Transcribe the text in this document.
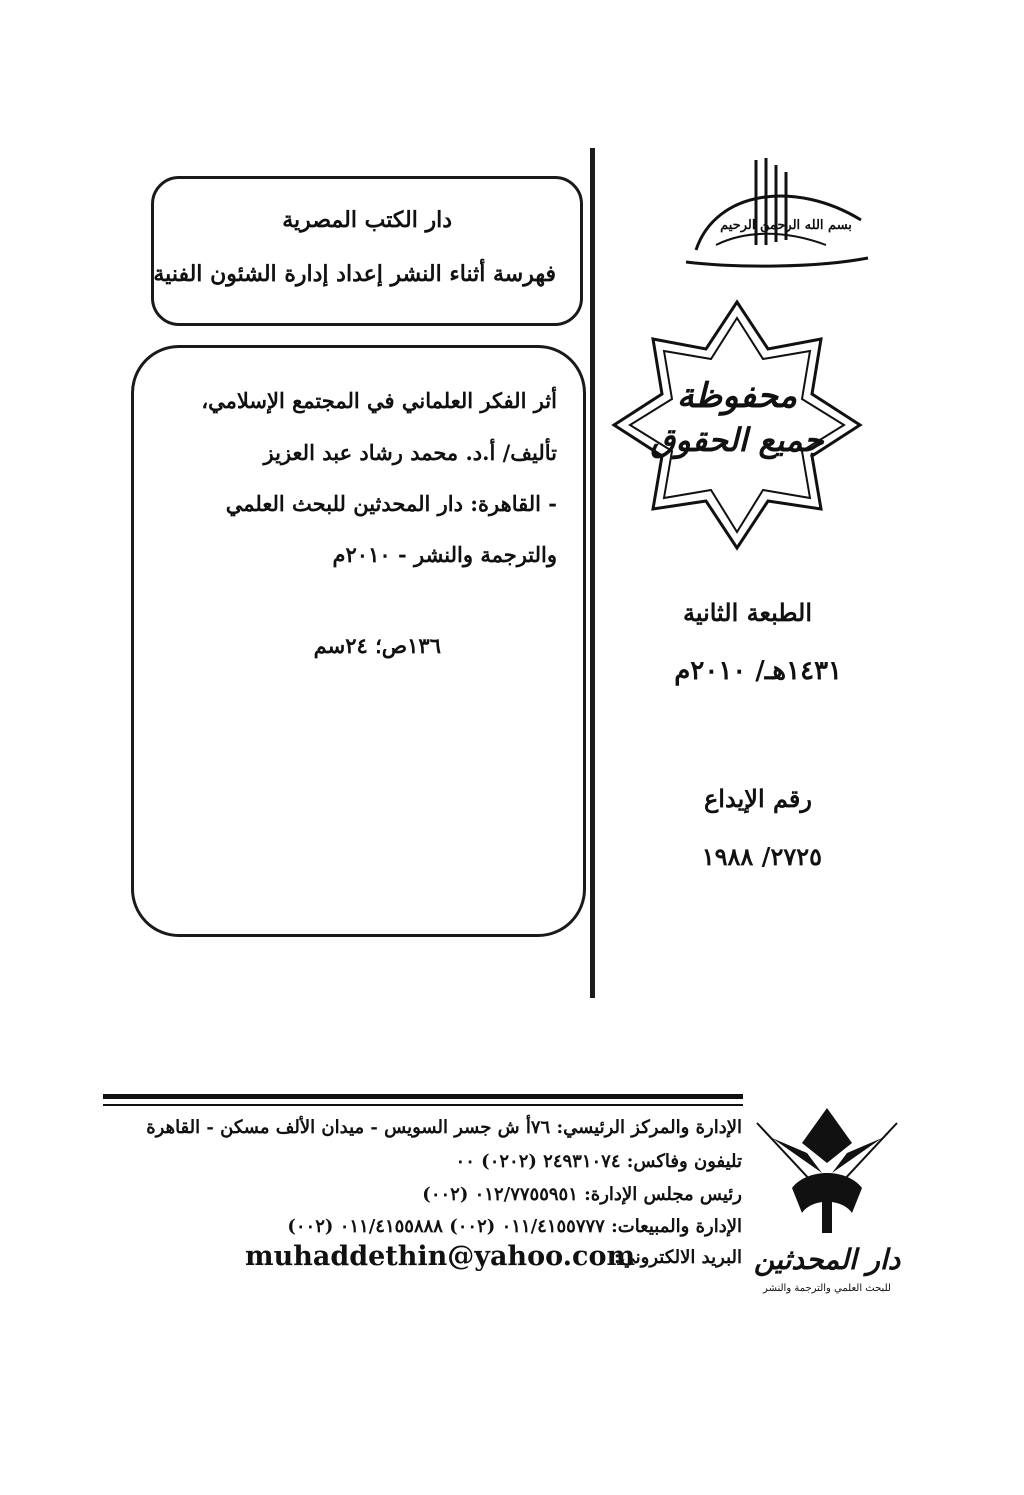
بسم الله الرحمن الرحيم
محفوظة
جميع الحقوق
دار الكتب المصرية
فهرسة أثناء النشر إعداد إدارة الشئون الفنية
أثر الفكر العلماني في المجتمع الإسلامي،
تأليف/ أ.د. محمد رشاد عبد العزيز
- القاهرة: دار المحدثين للبحث العلمي
والترجمة والنشر - ٢٠١٠م
١٣٦ص؛ ٢٤سم
الطبعة الثانية
١٤٣١هـ/ ٢٠١٠م
رقم الإيداع
٢٧٢٥/ ١٩٨٨
الإدارة والمركز الرئيسي: ٧٦أ ش جسر السويس - ميدان الألف مسكن - القاهرة
تليفون وفاكس: ٢٤٩٣١٠٧٤ (٠٢٠٢) ٠٠
رئيس مجلس الإدارة: ٠١٢/٧٧٥٥٩٥١ (٠٠٢)
الإدارة والمبيعات: ٠١١/٤١٥٥٧٧٧ (٠٠٢) ٠١١/٤١٥٥٨٨٨ (٠٠٢)
البريد الالكتروني:
muhaddethin@yahoo.com	دار المحدثين
للبحث العلمي والترجمة والنشر
